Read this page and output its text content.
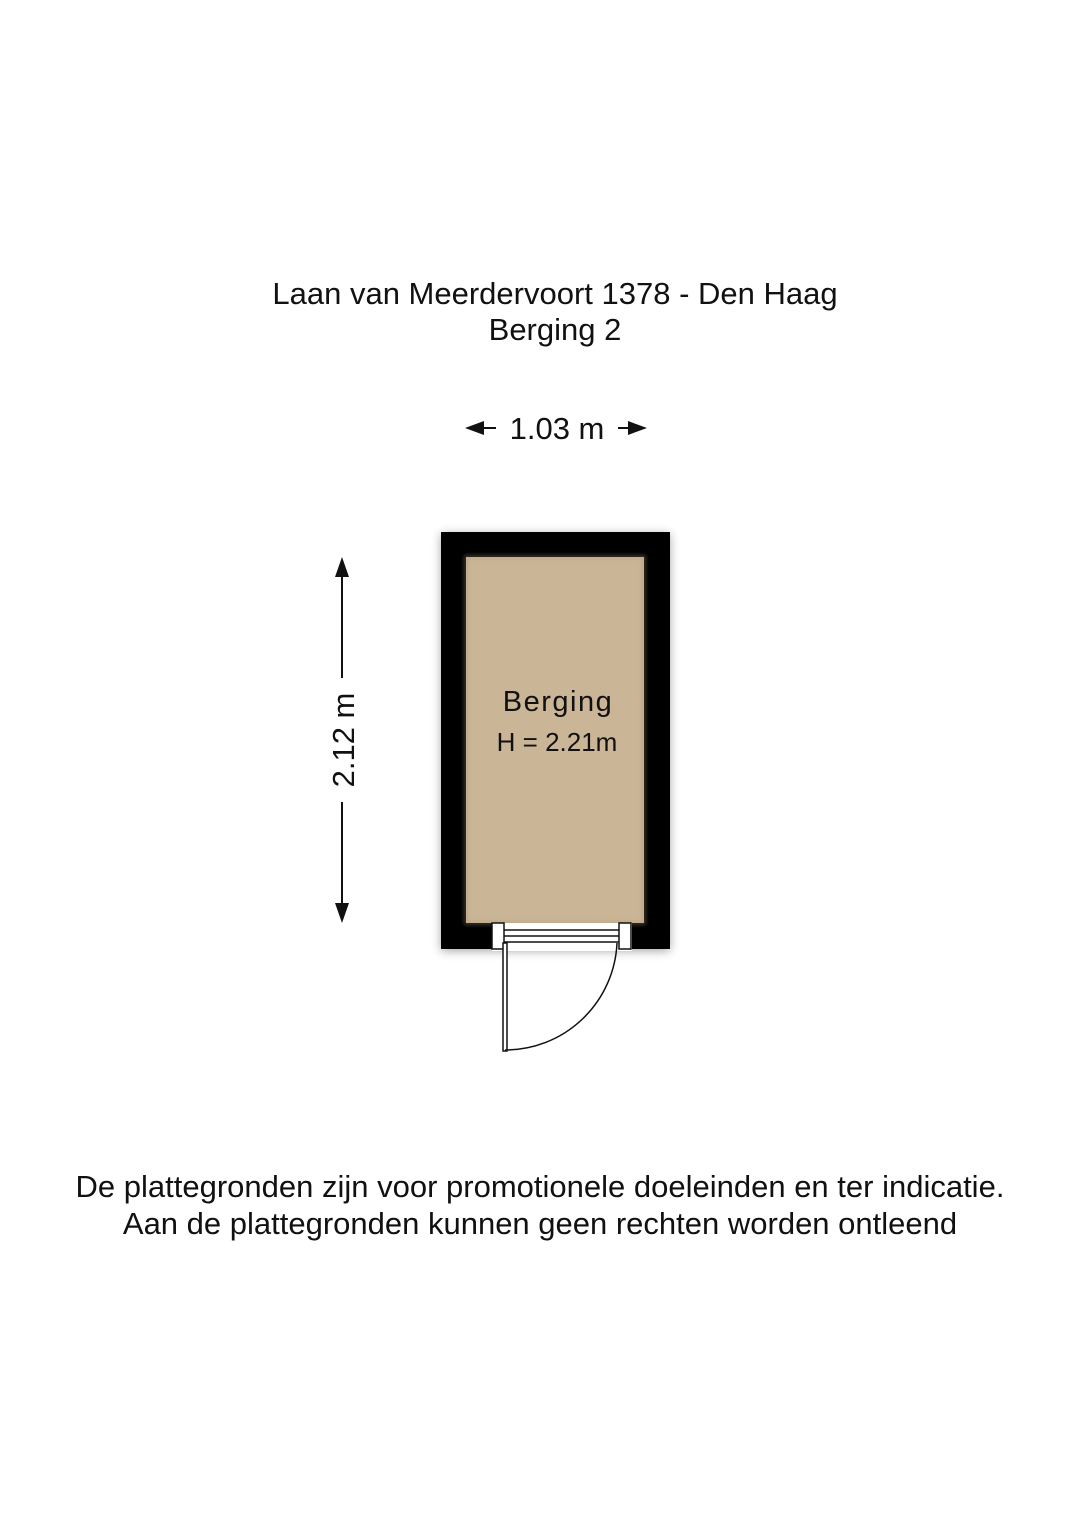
Laan van Meerdervoort 1378 - Den Haag
Berging 2
1.03 m
2.12 m	Berging
H = 2.21m
De plattegronden zijn voor promotionele doeleinden en ter indicatie.
Aan de plattegronden kunnen geen rechten worden ontleend
